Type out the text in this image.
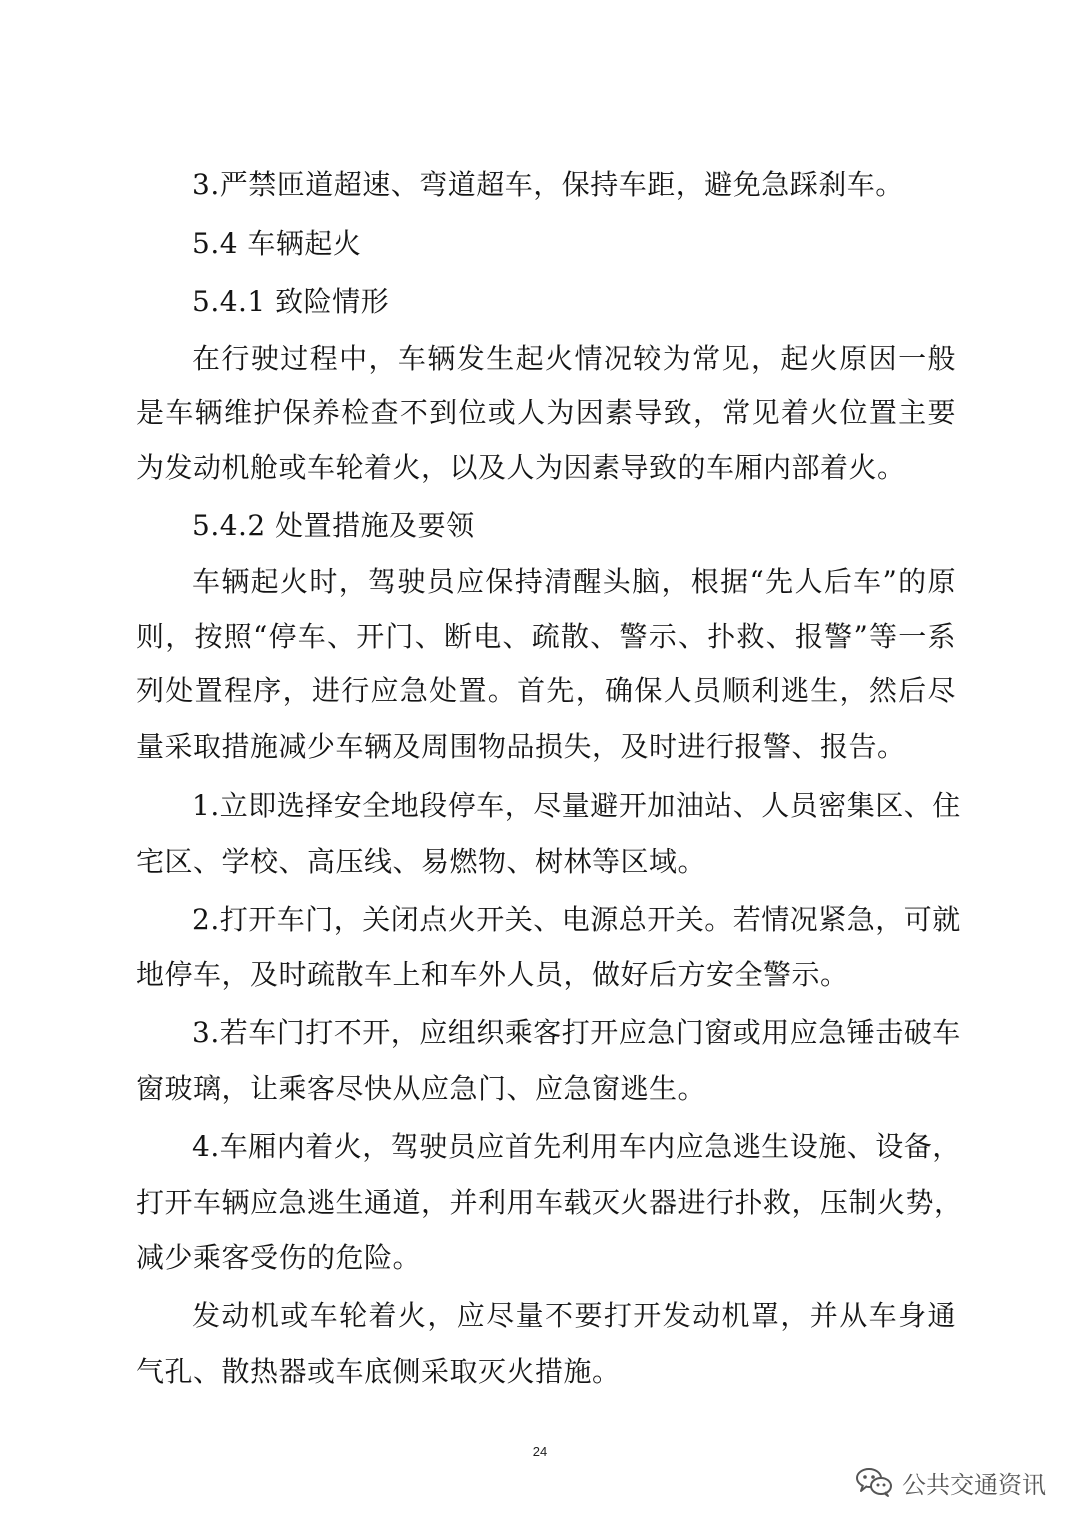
3.严禁匝道超速、弯道超车，保持车距，避免急踩刹车。
5.4 车辆起火
5.4.1 致险情形
在行驶过程中，车辆发生起火情况较为常见，起火原因一般
是车辆维护保养检查不到位或人为因素导致，常见着火位置主要
为发动机舱或车轮着火，以及人为因素导致的车厢内部着火。
5.4.2 处置措施及要领
车辆起火时，驾驶员应保持清醒头脑，根据“先人后车”的原
则，按照“停车、开门、断电、疏散、警示、扑救、报警”等一系
列处置程序，进行应急处置。首先，确保人员顺利逃生，然后尽
量采取措施减少车辆及周围物品损失，及时进行报警、报告。
1.立即选择安全地段停车，尽量避开加油站、人员密集区、住
宅区、学校、高压线、易燃物、树林等区域。
2.打开车门，关闭点火开关、电源总开关。若情况紧急，可就
地停车，及时疏散车上和车外人员，做好后方安全警示。
3.若车门打不开，应组织乘客打开应急门窗或用应急锤击破车
窗玻璃，让乘客尽快从应急门、应急窗逃生。
4.车厢内着火，驾驶员应首先利用车内应急逃生设施、设备，
打开车辆应急逃生通道，并利用车载灭火器进行扑救，压制火势，
减少乘客受伤的危险。
发动机或车轮着火，应尽量不要打开发动机罩，并从车身通
气孔、散热器或车底侧采取灭火措施。
24
公共交通资讯
